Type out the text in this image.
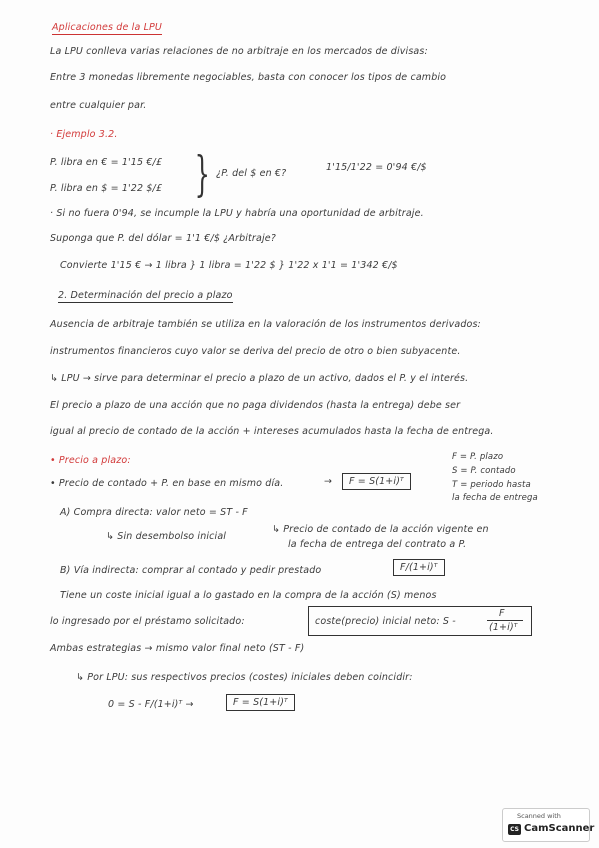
Aplicaciones de la LPU
La LPU conlleva varias relaciones de no arbitraje en los mercados de divisas:
Entre 3 monedas libremente negociables, basta con conocer los tipos de cambio
entre cualquier par.
· Ejemplo 3.2.
P. libra en € = 1'15 €/£
P. libra en $ = 1'22 $/£ } ¿P. del $ en €?
1'15/1'22 = 0'94 €/$
· Si no fuera 0'94, se incumple la LPU y habría una oportunidad de arbitraje.
Suponga que P. del dólar = 1'1 €/$ ¿Arbitraje?
Convierte 1'15 € → 1 libra } 1 libra = 1'22 $ } 1'22 x 1'1 = 1'342 €/$
2. Determinación del precio a plazo
Ausencia de arbitraje también se utiliza en la valoración de los instrumentos derivados:
instrumentos financieros cuyo valor se deriva del precio de otro o bien subyacente.
↳ LPU → sirve para determinar el precio a plazo de un activo, dados el P. y el interés.
El precio a plazo de una acción que no paga dividendos (hasta la entrega) debe ser
igual al precio de contado de la acción + intereses acumulados hasta la fecha de entrega.
• Precio a plazo:
• Precio de contado + P. en base en mismo día.	→	F = S(1+i)ᵀ
F = P. plazo
S = P. contado
T = periodo hasta
la fecha de entrega
A) Compra directa: valor neto = ST - F
↳ Sin desembolso inicial
↳ Precio de contado de la acción vigente en
la fecha de entrega del contrato a P.
B) Vía indirecta: comprar al contado y pedir prestado	F/(1+i)ᵀ
Tiene un coste inicial igual a lo gastado en la compra de la acción (S) menos
lo ingresado por el préstamo solicitado:	coste(precio) inicial neto: S -
F
(1+i)ᵀ
Ambas estrategias → mismo valor final neto (ST - F)
↳ Por LPU: sus respectivos precios (costes) iniciales deben coincidir:
0 = S - F/(1+i)ᵀ →	F = S(1+i)ᵀ
Scanned with
CS CamScanner
